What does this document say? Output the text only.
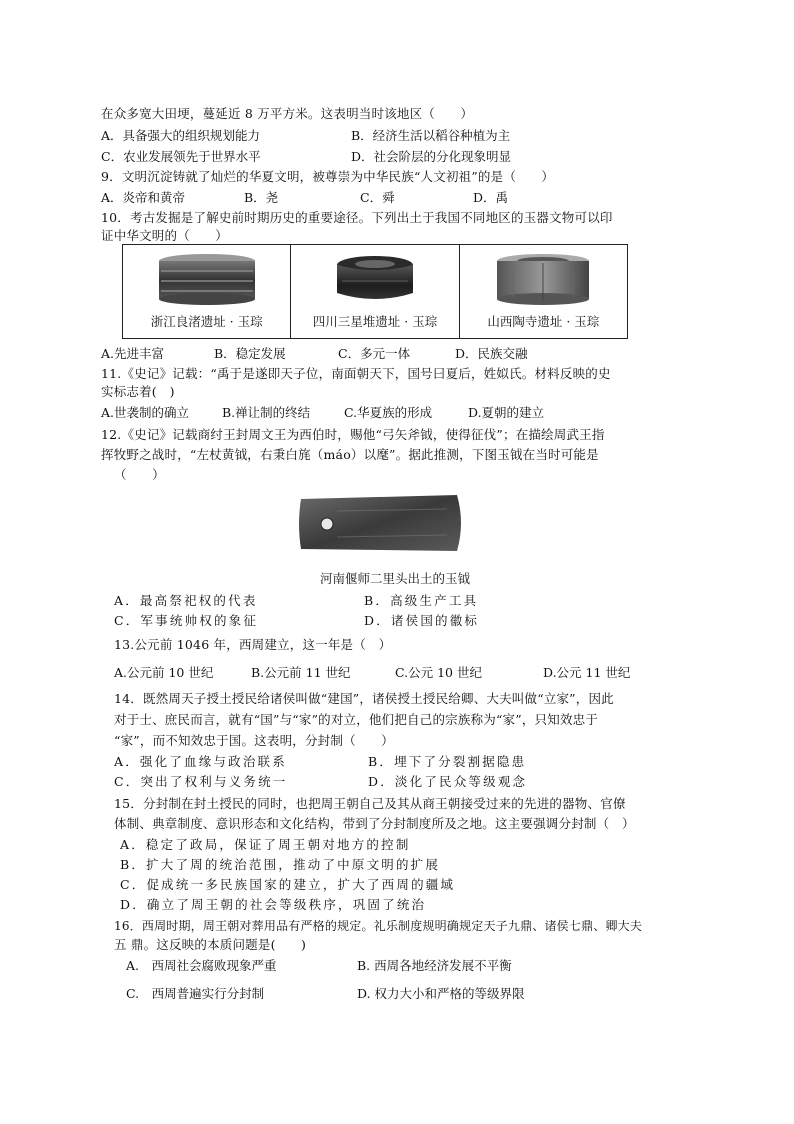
在众多宽大田埂，蔓延近 8 万平方米。这表明当时该地区（　　）
A．具备强大的组织规划能力	B．经济生活以稻谷种植为主
C．农业发展领先于世界水平	D．社会阶层的分化现象明显
9．文明沉淀铸就了灿烂的华夏文明，被尊崇为中华民族“人文初祖”的是（　　）
A．炎帝和黄帝	B．尧	C．舜	D．禹
10．考古发掘是了解史前时期历史的重要途径。下列出土于我国不同地区的玉器文物可以印
证中华文明的（　　）
浙江良渚遗址 · 玉琮	四川三星堆遗址 · 玉琮	山西陶寺遗址 · 玉琮
A.先进丰富	B．稳定发展	C．多元一体	D．民族交融
11.《史记》记载：“禹于是遂即天子位，南面朝天下，国号曰夏后，姓姒氏。材料反映的史
实标志着(　)
A.世袭制的确立	B.禅让制的终结	C.华夏族的形成	D.夏朝的建立
12.《史记》记载商纣王封周文王为西伯时，赐他“弓矢斧钺，使得征伐”；在描绘周武王指
挥牧野之战时，“左杖黄钺，右秉白旄（máo）以麾”。据此推测，下图玉钺在当时可能是
（　　）
河南偃师二里头出土的玉钺
A．最高祭祀权的代表	B．高级生产工具
C．军事统帅权的象征	D．诸侯国的徽标
13.公元前 1046 年，西周建立，这一年是（　）
A.公元前 10 世纪	B.公元前 11 世纪	C.公元 10 世纪	D.公元 11 世纪
14．既然周天子授土授民给诸侯叫做“建国”，诸侯授土授民给卿、大夫叫做“立家”，因此
对于士、庶民而言，就有“国”与“家”的对立，他们把自己的宗族称为“家”，只知效忠于
“家”，而不知效忠于国。这表明，分封制（　　）
A．强化了血缘与政治联系	B．埋下了分裂割据隐患
C．突出了权利与义务统一	D．淡化了民众等级观念
15．分封制在封土授民的同时，也把周王朝自己及其从商王朝接受过来的先进的器物、官僚
体制、典章制度、意识形态和文化结构，带到了分封制度所及之地。这主要强调分封制（　）
A．稳定了政局，保证了周王朝对地方的控制
B．扩大了周的统治范围，推动了中原文明的扩展
C．促成统一多民族国家的建立，扩大了西周的疆域
D．确立了周王朝的社会等级秩序，巩固了统治
16．西周时期，周王朝对葬用品有严格的规定。礼乐制度规明确规定天子九鼎、诸侯七鼎、卿大夫
五 鼎。这反映的本质问题是(　　)
A.　西周社会腐败现象严重	B. 西周各地经济发展不平衡
C.　西周普遍实行分封制	D. 权力大小和严格的等级界限
